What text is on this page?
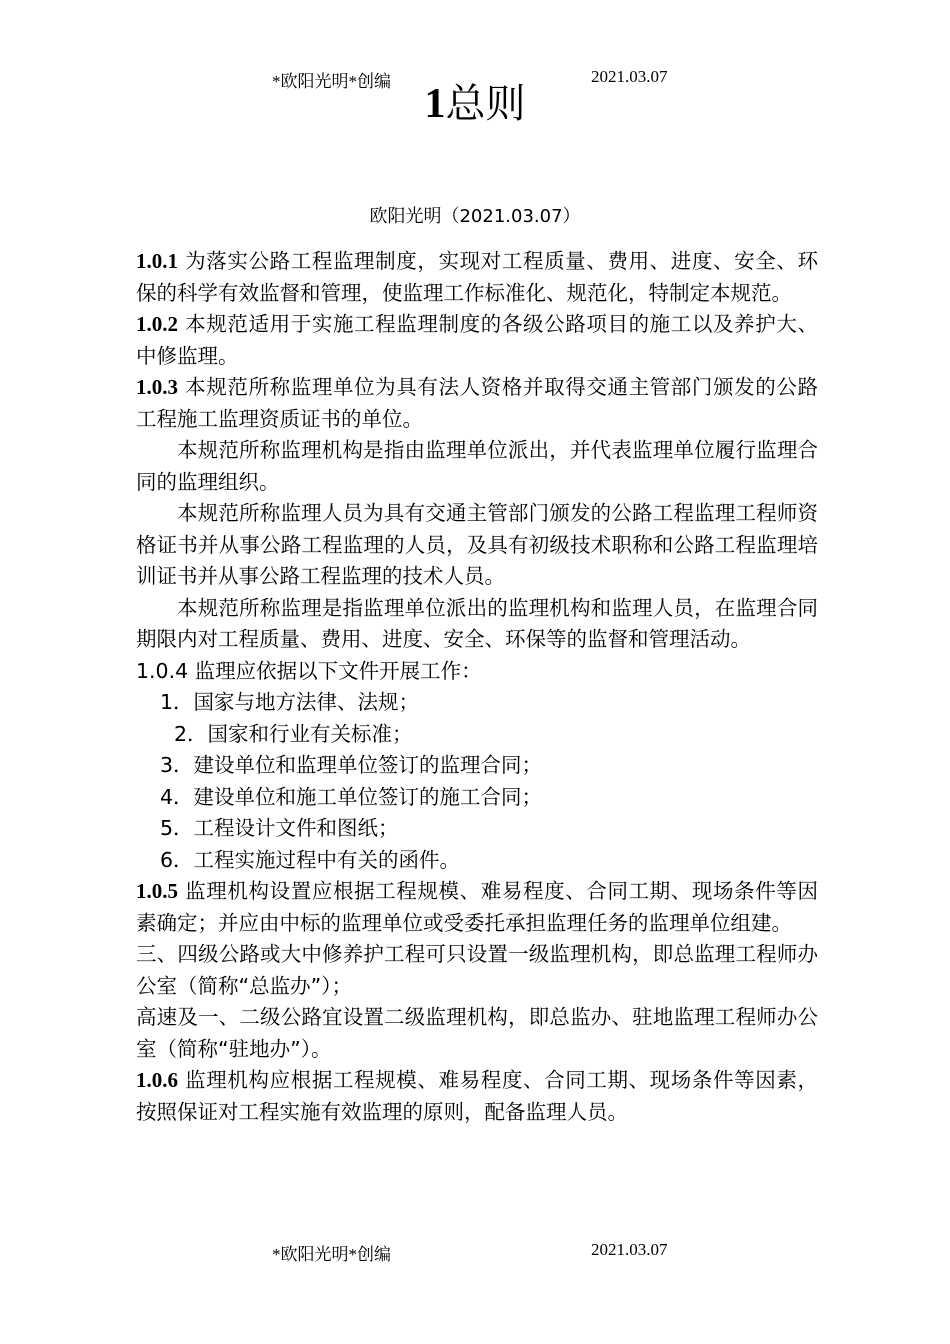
*欧阳光明*创编	2021.03.07
1总则
欧阳光明（2021.03.07）

1.0.1 为落实公路工程监理制度，实现对工程质量、费用、进度、安全、环保的科学有效监督和管理，使监理工作标准化、规范化，特制定本规范。

1.0.2 本规范适用于实施工程监理制度的各级公路项目的施工以及养护大、中修监理。

1.0.3 本规范所称监理单位为具有法人资格并取得交通主管部门颁发的公路工程施工监理资质证书的单位。

本规范所称监理机构是指由监理单位派出，并代表监理单位履行监理合同的监理组织。

本规范所称监理人员为具有交通主管部门颁发的公路工程监理工程师资格证书并从事公路工程监理的人员，及具有初级技术职称和公路工程监理培训证书并从事公路工程监理的技术人员。

本规范所称监理是指监理单位派出的监理机构和监理人员，在监理合同期限内对工程质量、费用、进度、安全、环保等的监督和管理活动。

1.0.4 监理应依据以下文件开展工作：

1．国家与地方法律、法规；

2．国家和行业有关标准；

3．建设单位和监理单位签订的监理合同；

4．建设单位和施工单位签订的施工合同；

5．工程设计文件和图纸；

6．工程实施过程中有关的函件。

1.0.5 监理机构设置应根据工程规模、难易程度、合同工期、现场条件等因素确定；并应由中标的监理单位或受委托承担监理任务的监理单位组建。

三、四级公路或大中修养护工程可只设置一级监理机构，即总监理工程师办公室（简称“总监办”）；

高速及一、二级公路宜设置二级监理机构，即总监办、驻地监理工程师办公室（简称“驻地办”）。

1.0.6 监理机构应根据工程规模、难易程度、合同工期、现场条件等因素，按照保证对工程实施有效监理的原则，配备监理人员。

*欧阳光明*创编	2021.03.07
